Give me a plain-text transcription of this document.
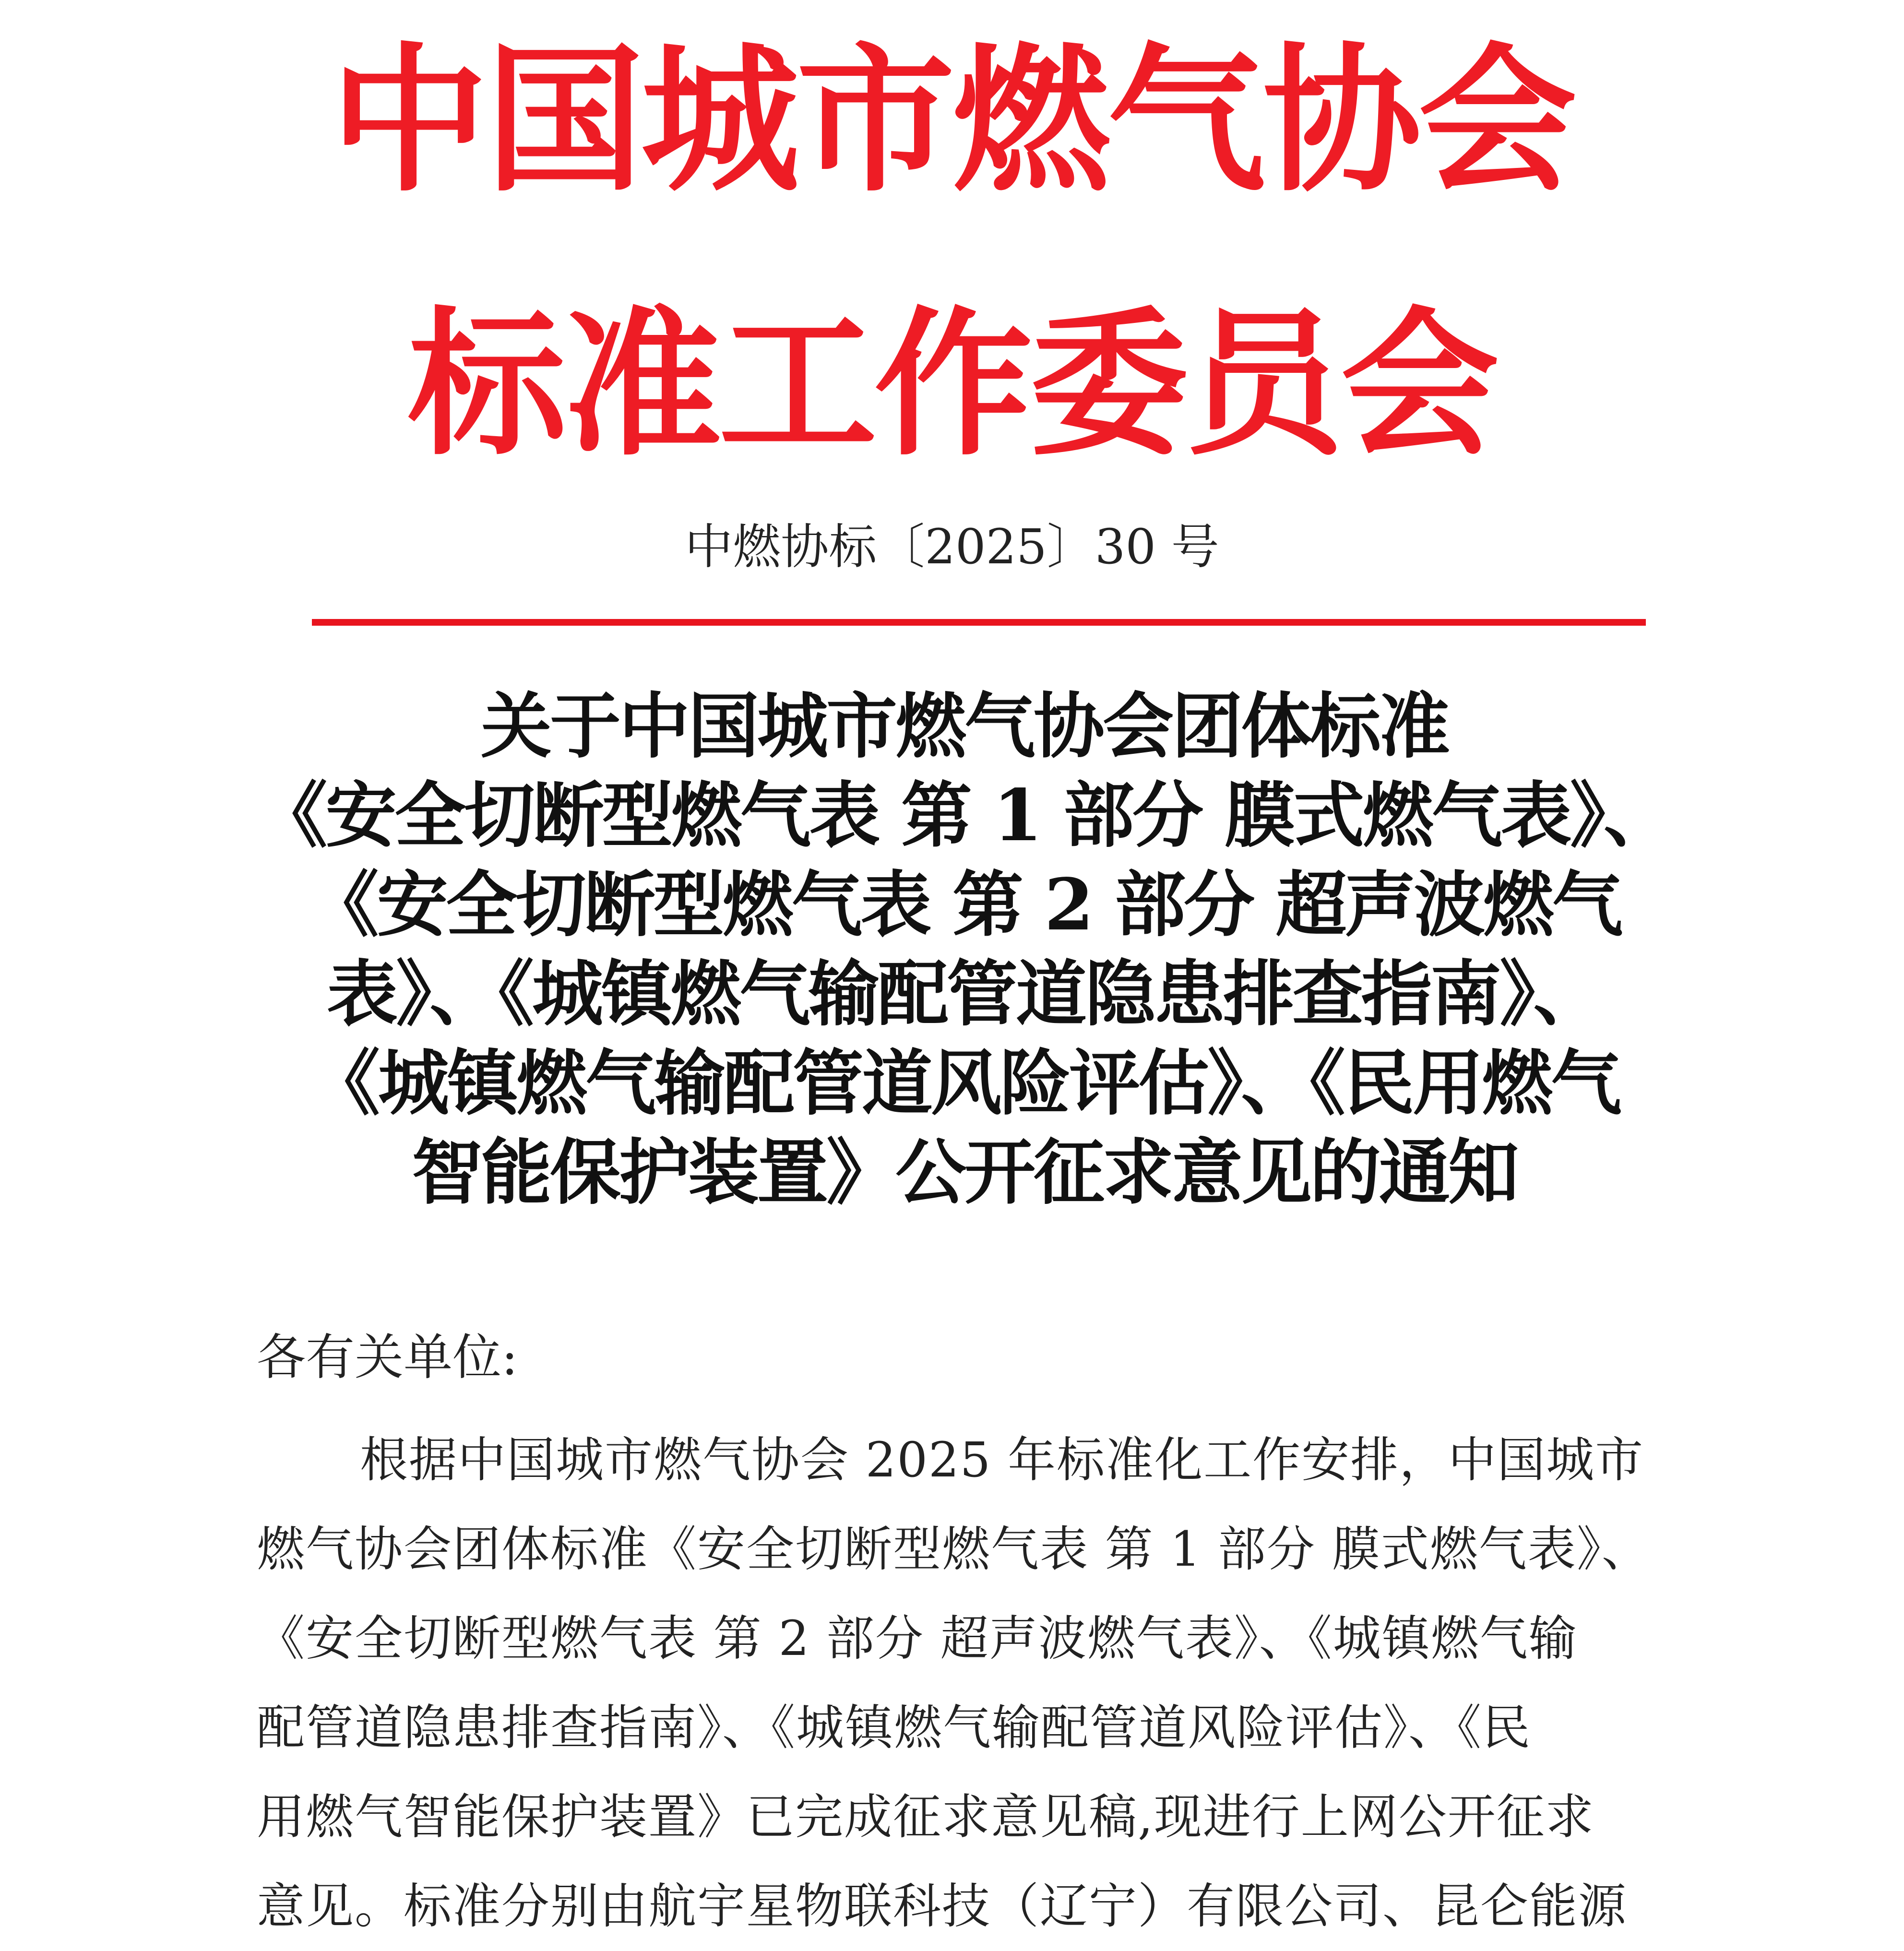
中国城市燃气协会
标准工作委员会
中燃协标〔2025〕30 号
关于中国城市燃气协会团体标准
《安全切断型燃气表 第 1 部分 膜式燃气表》、
《安全切断型燃气表 第 2 部分 超声波燃气
表》、《城镇燃气输配管道隐患排查指南》、
《城镇燃气输配管道风险评估》、《民用燃气
智能保护装置》公开征求意见的通知
各有关单位:
根据中国城市燃气协会 2025 年标准化工作安排，中国城市
燃气协会团体标准《安全切断型燃气表 第 1 部分 膜式燃气表》、
《安全切断型燃气表 第 2 部分 超声波燃气表》、《城镇燃气输
配管道隐患排查指南》、《城镇燃气输配管道风险评估》、《民
用燃气智能保护装置》已完成征求意见稿,现进行上网公开征求
意见。标准分别由航宇星物联科技（辽宁）有限公司、昆仑能源
